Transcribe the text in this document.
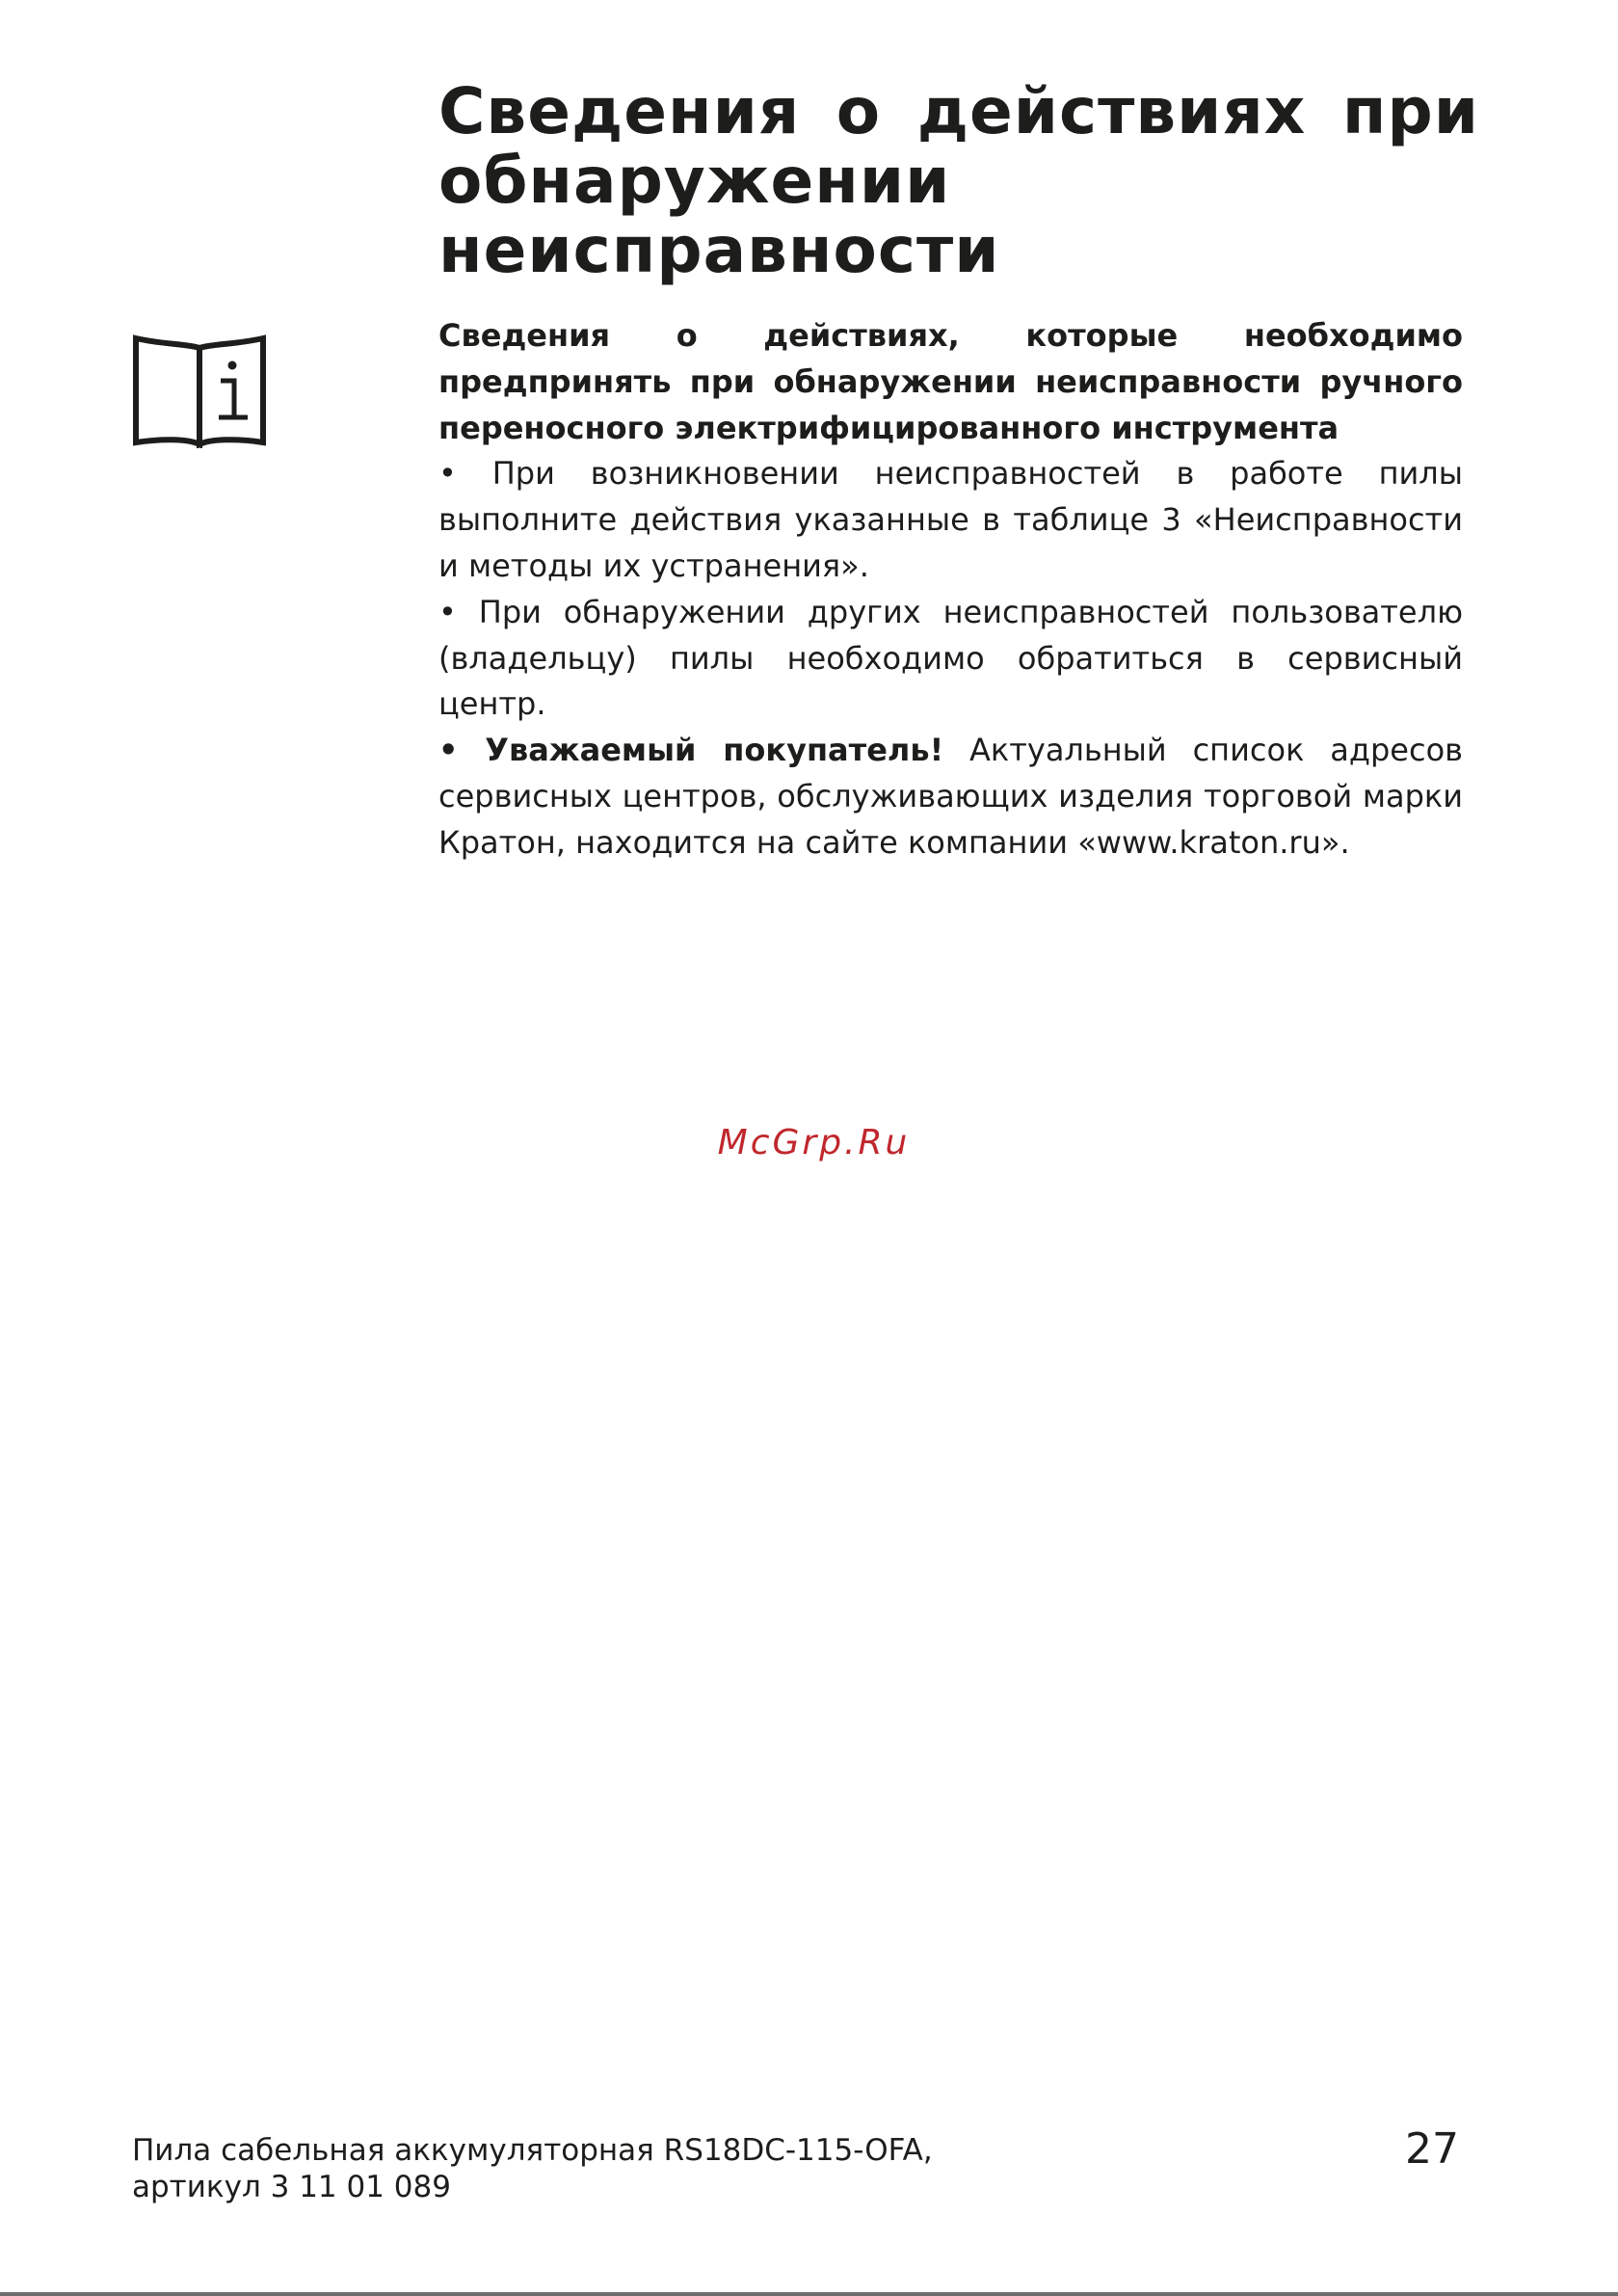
Сведения о действиях при обнаружении неисправности

Сведения о действиях, которые необходимо предпринять при обнаружении неисправности ручного переносного электрифицированного инструмента

• При возникновении неисправностей в работе пилы выполните действия указанные в таблице 3 «Неисправности и методы их устранения».

• При обнаружении других неисправностей пользователю (владельцу) пилы необходимо обратиться в сервисный центр.

• Уважаемый покупатель! Актуальный список адресов сервисных центров, обслуживающих изделия торговой марки Кратон, находится на сайте компании «www.kraton.ru».

McGrp.Ru
Пила сабельная аккумуляторная RS18DC-115-OFA,
артикул 3 11 01 089
27
